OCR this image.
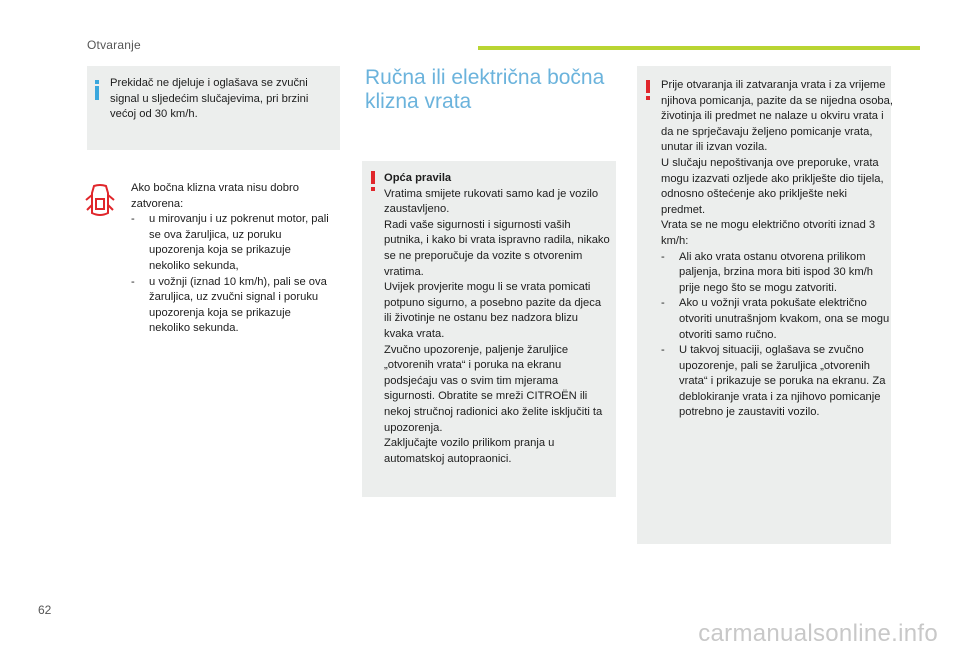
Otvaranje
Prekidač ne djeluje i oglašava se zvučni signal u sljedećim slučajevima, pri brzini većoj od 30 km/h.

Ako bočna klizna vrata nisu dobro zatvorena:

- u mirovanju i uz pokrenut motor, pali se ova žaruljica, uz poruku upozorenja koja se prikazuje nekoliko sekunda,
- u vožnji (iznad 10 km/h), pali se ova žaruljica, uz zvučni signal i poruku upozorenja koja se prikazuje nekoliko sekunda.
Ručna ili električna bočna klizna vrata

Opća pravila

Vratima smijete rukovati samo kad je vozilo zaustavljeno.

Radi vaše sigurnosti i sigurnosti vaših putnika, i kako bi vrata ispravno radila, nikako se ne preporučuje da vozite s otvorenim vratima.

Uvijek provjerite mogu li se vrata pomicati potpuno sigurno, a posebno pazite da djeca ili životinje ne ostanu bez nadzora blizu kvaka vrata.

Zvučno upozorenje, paljenje žaruljice „otvorenih vrata“ i poruka na ekranu podsjećaju vas o svim tim mjerama sigurnosti. Obratite se mreži CITROËN ili nekoj stručnoj radionici ako želite isključiti ta upozorenja.

Zaključajte vozilo prilikom pranja u automatskoj autopraonici.

Prije otvaranja ili zatvaranja vrata i za vrijeme njihova pomicanja, pazite da se nijedna osoba, životinja ili predmet ne nalaze u okviru vrata i da ne sprječavaju željeno pomicanje vrata, unutar ili izvan vozila.

U slučaju nepoštivanja ove preporuke, vrata mogu izazvati ozljede ako priklješte dio tijela, odnosno oštećenje ako priklješte neki predmet.

Vrata se ne mogu električno otvoriti iznad 3 km/h:

- Ali ako vrata ostanu otvorena prilikom paljenja, brzina mora biti ispod 30 km/h prije nego što se mogu zatvoriti.
- Ako u vožnji vrata pokušate električno otvoriti unutrašnjom kvakom, ona se mogu otvoriti samo ručno.
- U takvoj situaciji, oglašava se zvučno upozorenje, pali se žaruljica „otvorenih vrata“ i prikazuje se poruka na ekranu. Za deblokiranje vrata i za njihovo pomicanje potrebno je zaustaviti vozilo.
62
carmanualsonline.info
